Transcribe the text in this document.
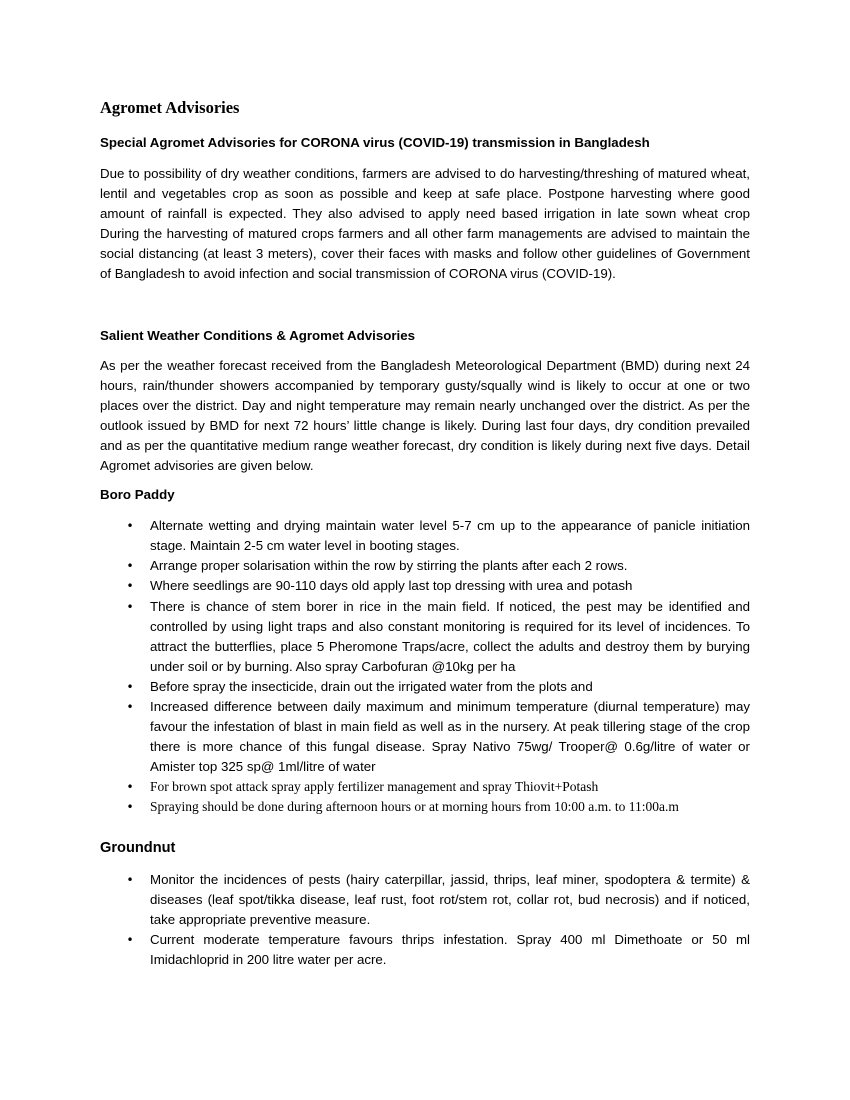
Agromet Advisories
Special Agromet Advisories for CORONA virus (COVID-19) transmission in Bangladesh

Due to possibility of dry weather conditions, farmers are advised to do harvesting/threshing of matured wheat, lentil and vegetables crop as soon as possible and keep at safe place. Postpone harvesting where good amount of rainfall is expected. They also advised to apply need based irrigation in late sown wheat crop During the harvesting of matured crops farmers and all other farm managements are advised to maintain the social distancing (at least 3 meters), cover their faces with masks and follow other guidelines of Government of Bangladesh to avoid infection and social transmission of CORONA virus (COVID-19).

Salient Weather Conditions & Agromet Advisories

As per the weather forecast received from the Bangladesh Meteorological Department (BMD) during next 24 hours, rain/thunder showers accompanied by temporary gusty/squally wind is likely to occur at one or two places over the district. Day and night temperature may remain nearly unchanged over the district. As per the outlook issued by BMD for next 72 hours’ little change is likely. During last four days, dry condition prevailed and as per the quantitative medium range weather forecast, dry condition is likely during next five days. Detail Agromet advisories are given below.

Boro Paddy
• Alternate wetting and drying maintain water level 5-7 cm up to the appearance of panicle initiation stage. Maintain 2-5 cm water level in booting stages.
• Arrange proper solarisation within the row by stirring the plants after each 2 rows.
• Where seedlings are 90-110 days old apply last top dressing with urea and potash
• There is chance of stem borer in rice in the main field. If noticed, the pest may be identified and controlled by using light traps and also constant monitoring is required for its level of incidences. To attract the butterflies, place 5 Pheromone Traps/acre, collect the adults and destroy them by burying under soil or by burning. Also spray Carbofuran @10kg per ha
• Before spray the insecticide, drain out the irrigated water from the plots and
• Increased difference between daily maximum and minimum temperature (diurnal temperature) may favour the infestation of blast in main field as well as in the nursery. At peak tillering stage of the crop there is more chance of this fungal disease. Spray Nativo 75wg/ Trooper@ 0.6g/litre of water or Amister top 325 sp@ 1ml/litre of water
• For brown spot attack spray apply fertilizer management and spray Thiovit+Potash
• Spraying should be done during afternoon hours or at morning hours from 10:00 a.m. to 11:00a.m
Groundnut
• Monitor the incidences of pests (hairy caterpillar, jassid, thrips, leaf miner, spodoptera & termite) & diseases (leaf spot/tikka disease, leaf rust, foot rot/stem rot, collar rot, bud necrosis) and if noticed, take appropriate preventive measure.
• Current moderate temperature favours thrips infestation. Spray 400 ml Dimethoate or 50 ml Imidachloprid in 200 litre water per acre.
